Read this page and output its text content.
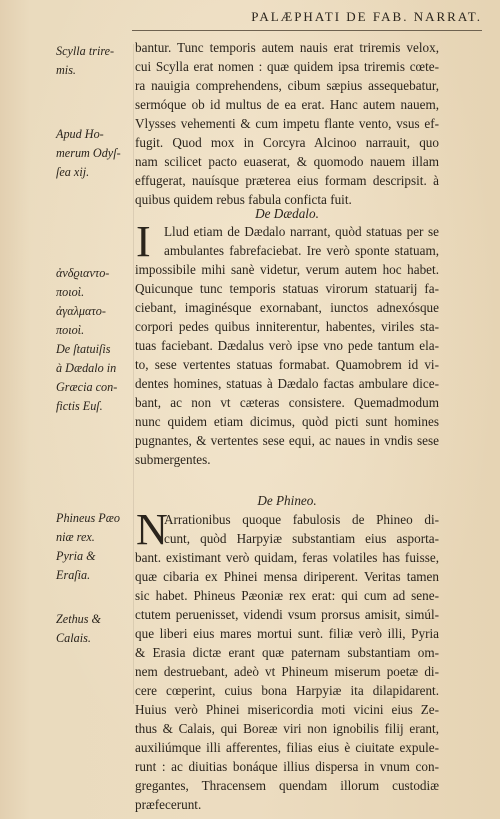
PALÆPHATI DE FAB. NARRAT.
bantur. Tunc temporis autem nauis erat triremis velox,
cui Scylla erat nomen : quæ quidem ipsa triremis cœte-
ra nauigia comprehendens, cibum sæpius assequebatur,
sermóque ob id multus de ea erat. Hanc autem nauem,
Vlysses vehementi & cum impetu flante vento, vsus ef-
fugit. Quod mox in Corcyra Alcinoo narrauit, quo
nam scilicet pacto euaserat, & quomodo nauem illam
effugerat, nauísque præterea eius formam descripsit. à
quibus quidem rebus fabula conficta fuit.
De Dædalo.
I	Llud etiam de Dædalo narrant, quòd statuas per se
ambulantes fabrefaciebat. Ire verò sponte statuam,
impossibile mihi sanè videtur, verum autem hoc habet.
Quicunque tunc temporis statuas virorum statuarij fa-
ciebant, imaginésque exornabant, iunctos adnexósque
corpori pedes quibus inniterentur, habentes, viriles sta-
tuas faciebant. Dædalus verò ipse vno pede tantum ela-
to, sese vertentes statuas formabat. Quamobrem id vi-
dentes homines, statuas à Dædalo factas ambulare dice-
bant, ac non vt cæteras consistere. Quemadmodum
nunc quidem etiam dicimus, quòd picti sunt homines
pugnantes, & vertentes sese equi, ac naues in vndis sese
submergentes.
De Phineo.
N
Arrationibus quoque fabulosis de Phineo di-
cunt, quòd Harpyiæ substantiam eius asporta-
bant. existimant verò quidam, feras volatiles has fuisse,
quæ cibaria ex Phinei mensa diriperent. Veritas tamen
sic habet. Phineus Pæoniæ rex erat: qui cum ad sene-
ctutem peruenisset, videndi vsum prorsus amisit, simúl-
que liberi eius mares mortui sunt. filiæ verò illi, Pyria
& Erasia dictæ erant quæ paternam substantiam om-
nem destruebant, adeò vt Phineum miserum poetæ di-
cere cœperint, cuius bona Harpyiæ ita dilapidarent.
Huius verò Phinei misericordia moti vicini eius Ze-
thus & Calais, qui Boreæ viri non ignobilis filij erant,
auxiliúmque illi afferentes, filias eius è ciuitate expule-
runt : ac diuitias bonáque illius dispersa in vnum con-
gregantes, Thracensem quendam illorum custodiæ
præfecerunt.
Scylla trire-
mis.
Apud Ho-
merum Odyſ-
ſea xij.
ἀνδϱιαντο-
ποιοὶ.
ἀγαλματο-
ποιοὶ.
De ſtatuiſis
à Dædalo in
Græcia con-
fictis Euſ.
Phineus Pæo
niæ rex.
Pyria &
Eraſia.
Zethus &
Calais.
